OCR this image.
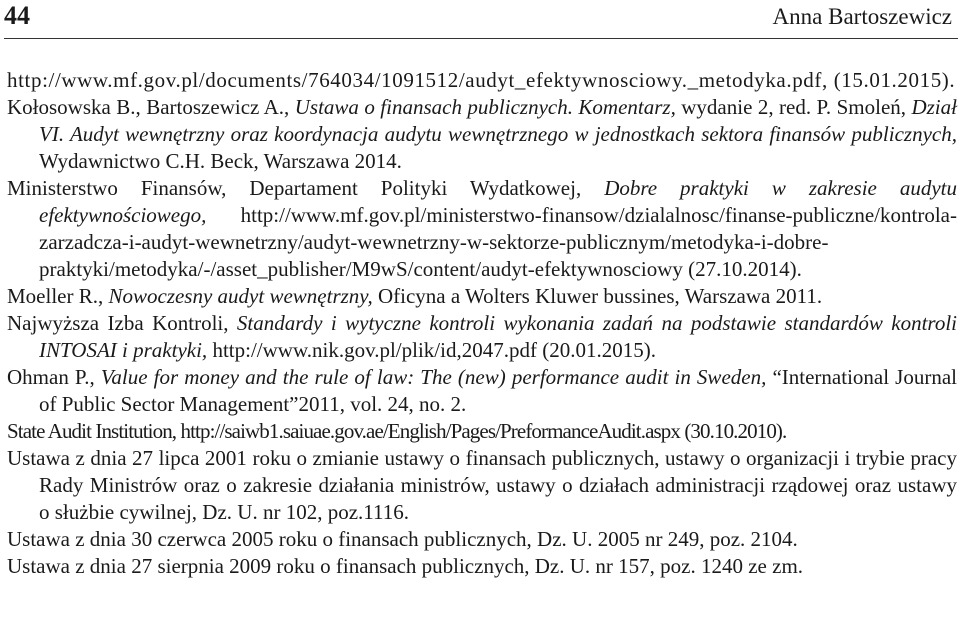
44	Anna Bartoszewicz
http://www.mf.gov.pl/documents/764034/1091512/audyt_efektywnosciowy._metodyka.pdf, (15.01.2015).
Kołosowska B., Bartoszewicz A., Ustawa o finansach publicznych. Komentarz, wydanie 2, red. P. Smoleń, Dział VI. Audyt wewnętrzny oraz koordynacja audytu wewnętrznego w jednostkach sektora finansów publicznych, Wydawnictwo C.H. Beck, Warszawa 2014.
Ministerstwo Finansów, Departament Polityki Wydatkowej, Dobre praktyki w zakresie audytu efektywnościowego, http://www.mf.gov.pl/ministerstwo-finansow/dzialalnosc/finanse-publiczne/kontrola-zarzadcza-i-audyt-wewnetrzny/audyt-wewnetrzny-w-sektorze-publicznym/metodyka-i-dobre-praktyki/metodyka/-/asset_publisher/M9wS/content/audyt-efektywnosciowy (27.10.2014).
Moeller R., Nowoczesny audyt wewnętrzny, Oficyna a Wolters Kluwer bussines, Warszawa 2011.
Najwyższa Izba Kontroli, Standardy i wytyczne kontroli wykonania zadań na podstawie standardów kontroli INTOSAI i praktyki, http://www.nik.gov.pl/plik/id,2047.pdf (20.01.2015).
Ohman P., Value for money and the rule of law: The (new) performance audit in Sweden, “International Journal of Public Sector Management”2011, vol. 24, no. 2.
State Audit Institution, http://saiwb1.saiuae.gov.ae/English/Pages/PreformanceAudit.aspx (30.10.2010).
Ustawa z dnia 27 lipca 2001 roku o zmianie ustawy o finansach publicznych, ustawy o organizacji i trybie pracy Rady Ministrów oraz o zakresie działania ministrów, ustawy o działach administracji rządowej oraz ustawy o służbie cywilnej, Dz. U. nr 102, poz.1116.
Ustawa z dnia 30 czerwca 2005 roku o finansach publicznych, Dz. U. 2005 nr 249, poz. 2104.
Ustawa z dnia 27 sierpnia 2009 roku o finansach publicznych, Dz. U. nr 157, poz. 1240 ze zm.
